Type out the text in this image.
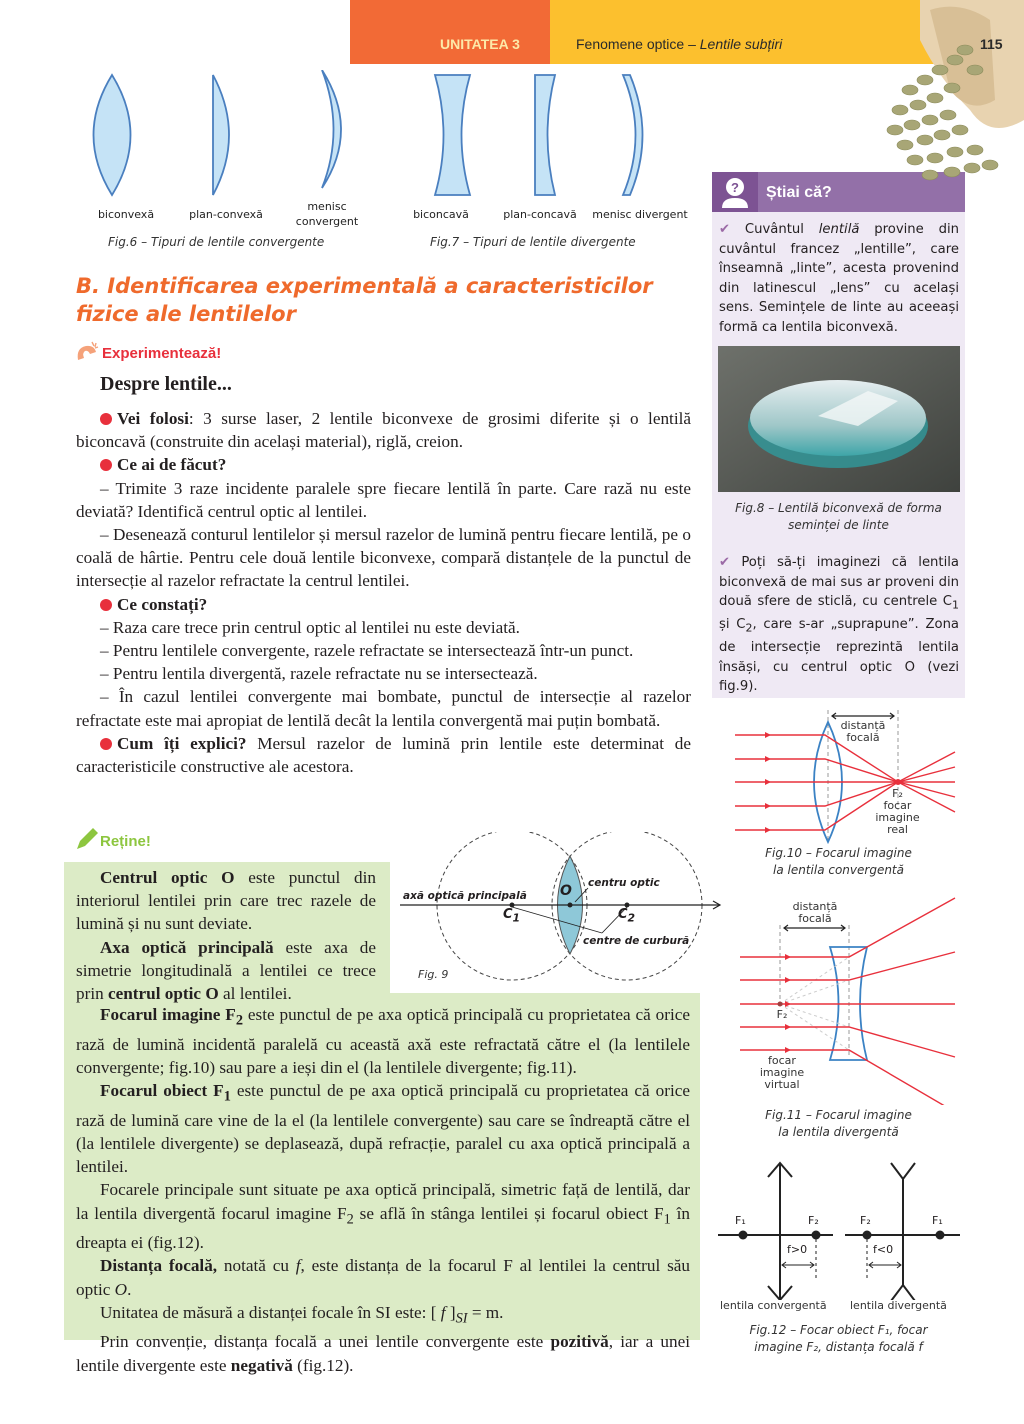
UNITATEA 3	Fenomene optice – Lentile subțiri	115
biconvexă	plan-convexă
menisc convergent
Fig.6 – Tipuri de lentile convergente
biconcavă	plan-concavă	menisc divergent
Fig.7 – Tipuri de lentile divergente
B. Identificarea experimentală a caracteristicilor fizice ale lentilelor
Experimentează!
Despre lentile...

Vei folosi: 3 surse laser, 2 lentile biconvexe de grosimi diferite și o lentilă biconcavă (construite din același material), riglă, creion.

Ce ai de făcut?

– Trimite 3 raze incidente paralele spre fiecare lentilă în parte. Care rază nu este deviată? Identifică centrul optic al lentilei.

– Desenează conturul lentilelor și mersul razelor de lumină pentru fiecare lentilă, pe o coală de hârtie. Pentru cele două lentile biconvexe, compară distanțele de la punctul de intersecție al razelor refractate la centrul lentilei.

Ce constați?

– Raza care trece prin centrul optic al lentilei nu este deviată.

– Pentru lentilele convergente, razele refractate se intersectează într-un punct.

– Pentru lentila divergentă, razele refractate nu se intersectează.

– În cazul lentilei convergente mai bombate, punctul de intersecție al razelor refractate este mai apropiat de lentilă decât la lentila convergentă mai puțin bombată.

Cum îți explici? Mersul razelor de lumină prin lentile este determinat de caracteristicile constructive ale acestora.

Reține!

Centrul optic O este punctul din interiorul lentilei prin care trec razele de lumină și nu sunt deviate.

Axa optică principală este axa de simetrie longitudinală a lentilei ce trece prin centrul optic O al lentilei.

Focarul imagine $F_2$ este punctul de pe axa optică principală cu proprietatea că orice rază de lumină incidentă paralelă cu această axă este refractată către el (la lentilele convergente; fig.10) sau pare a ieși din el (la lentilele divergente; fig.11).

Focarul obiect $F_1$ este punctul de pe axa optică principală cu proprietatea că orice rază de lumină care vine de la el (la lentilele convergente) sau care se îndreaptă către el (la lentilele divergente) se deplasează, după refracție, paralel cu axa optică principală a lentilei.

Focarele principale sunt situate pe axa optică principală, simetric față de lentilă, dar la lentila divergentă focarul imagine $F_2$ se află în stânga lentilei și focarul obiect $F_1$ în dreapta ei (fig.12).

Distanța focală, notată cu f, este distanța de la focarul F al lentilei la centrul său optic O.

Unitatea de măsură a distanței focale în SI este: [ f ]$_{SI} = m$.

Prin convenție, distanța focală a unei lentile convergente este pozitivă, iar a unei lentile divergente este negativă (fig.12).

axă optică principală O
$C_1$	$C_2$
centru optic
centre de curbură
Fig. 9
? Știai că?
✔ Cuvântul lentilă provine din cuvântul francez „lentille”, care înseamnă „linte”, acesta provenind din latinescul „lens” cu același sens. Semințele de linte au aceeași formă ca lentila biconvexă.
Fig.8 – Lentilă biconvexă de forma seminței de linte
✔ Poți să-ți imaginezi că lentila biconvexă de mai sus ar proveni din două sfere de sticlă, cu centrele $C_1$ și $C_2$, care s-ar „suprapune”. Zona de intersecție reprezintă lentila însăși, cu centrul optic O (vezi fig.9).
distanță
focală
F₂
focar
imagine
real
Fig.10 – Focarul imagine
la lentila convergentă
distanță
focală
F₂
focar
imagine
virtual
Fig.11 – Focarul imagine
la lentila divergentă
F₁	F₂
f>0
F₂	F₁
f<0
lentila convergentă lentila divergentă
Fig.12 – Focar obiect F₁, focar
imagine F₂, distanța focală f
